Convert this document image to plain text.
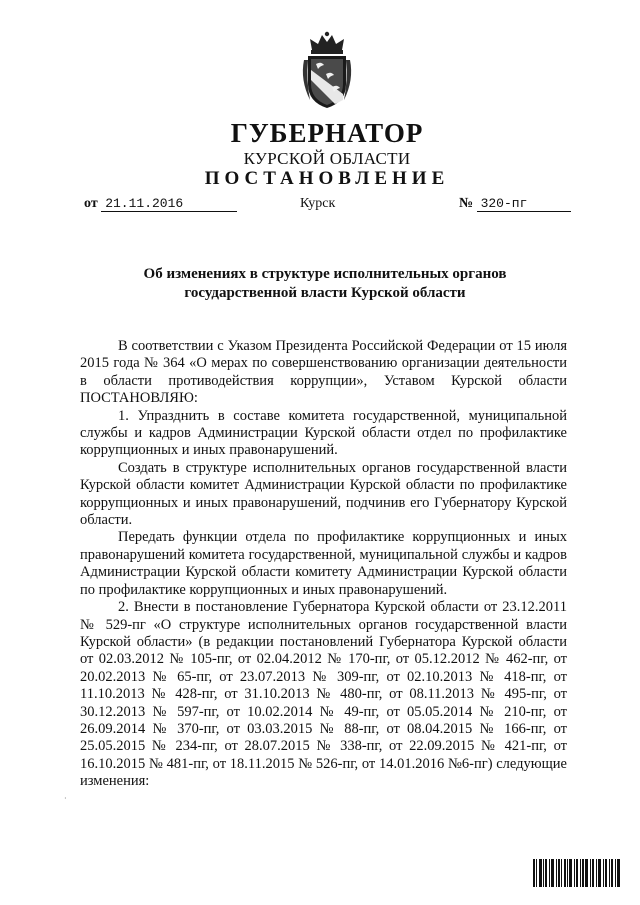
ГУБЕРНАТОР
КУРСКОЙ ОБЛАСТИ
ПОСТАНОВЛЕНИЕ
от 21.11.2016	Курск	№ 320-пг
Об изменениях в структуре исполнительных органов
государственной власти Курской области

В соответствии с Указом Президента Российской Федерации от 15 июля 2015 года № 364 «О мерах по совершенствованию организации деятельности в области противодействия коррупции», Уставом Курской области ПОСТАНОВЛЯЮ:

1. Упразднить в составе комитета государственной, муниципальной службы и кадров Администрации Курской области отдел по профилактике коррупционных и иных правонарушений.

Создать в структуре исполнительных органов государственной власти Курской области комитет Администрации Курской области по профилактике коррупционных и иных правонарушений, подчинив его Губернатору Курской области.

Передать функции отдела по профилактике коррупционных и иных правонарушений комитета государственной, муниципальной службы и кадров Администрации Курской области комитету Администрации Курской области по профилактике коррупционных и иных правонарушений.

2. Внести в постановление Губернатора Курской области от 23.12.2011 № 529-пг «О структуре исполнительных органов государственной власти Курской области» (в редакции постановлений Губернатора Курской области от 02.03.2012 № 105-пг, от 02.04.2012 № 170-пг, от 05.12.2012 № 462-пг, от 20.02.2013 № 65-пг, от 23.07.2013 № 309-пг, от 02.10.2013 № 418-пг, от 11.10.2013 № 428-пг, от 31.10.2013 № 480-пг, от 08.11.2013 № 495-пг, от 30.12.2013 № 597-пг, от 10.02.2014 № 49-пг, от 05.05.2014 № 210-пг, от 26.09.2014 № 370-пг, от 03.03.2015 № 88-пг, от 08.04.2015 № 166-пг, от 25.05.2015 № 234-пг, от 28.07.2015 № 338-пг, от 22.09.2015 № 421-пг, от 16.10.2015 № 481-пг, от 18.11.2015 № 526-пг, от 14.01.2016 №6-пг) следующие изменения:

·
